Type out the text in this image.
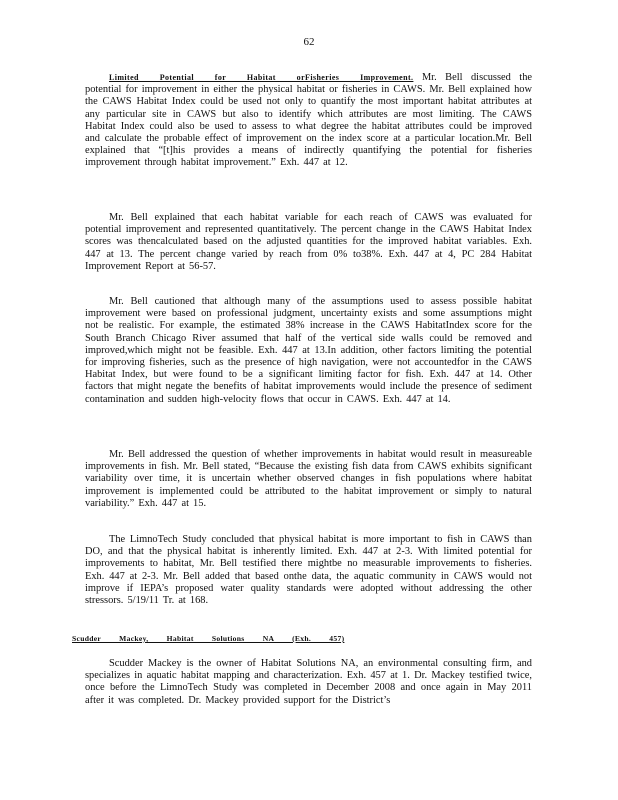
62

Limited Potential for Habitat orFisheries Improvement. Mr. Bell discussed the potential for improvement in either the physical habitat or fisheries in CAWS. Mr. Bell explained how the CAWS Habitat Index could be used not only to quantify the most important habitat attributes at any particular site in CAWS but also to identify which attributes are most limiting. The CAWS Habitat Index could also be used to assess to what degree the habitat attributes could be improved and calculate the probable effect of improvement on the index score at a particular location.Mr. Bell explained that “[t]his provides a means of indirectly quantifying the potential for fisheries improvement through habitat improvement.” Exh. 447 at 12.

Mr. Bell explained that each habitat variable for each reach of CAWS was evaluated for potential improvement and represented quantitatively. The percent change in the CAWS Habitat Index scores was thencalculated based on the adjusted quantities for the improved habitat variables. Exh. 447 at 13. The percent change varied by reach from 0% to38%. Exh. 447 at 4, PC 284 Habitat Improvement Report at 56-57.

Mr. Bell cautioned that although many of the assumptions used to assess possible habitat improvement were based on professional judgment, uncertainty exists and some assumptions might not be realistic. For example, the estimated 38% increase in the CAWS HabitatIndex score for the South Branch Chicago River assumed that half of the vertical side walls could be removed and improved,which might not be feasible. Exh. 447 at 13.In addition, other factors limiting the potential for improving fisheries, such as the presence of high navigation, were not accountedfor in the CAWS Habitat Index, but were found to be a significant limiting factor for fish. Exh. 447 at 14. Other factors that might negate the benefits of habitat improvements would include the presence of sediment contamination and sudden high-velocity flows that occur in CAWS. Exh. 447 at 14.

Mr. Bell addressed the question of whether improvements in habitat would result in measureable improvements in fish. Mr. Bell stated, “Because the existing fish data from CAWS exhibits significant variability over time, it is uncertain whether observed changes in fish populations where habitat improvement is implemented could be attributed to the habitat improvement or simply to natural variability.” Exh. 447 at 15.

The LimnoTech Study concluded that physical habitat is more important to fish in CAWS than DO, and that the physical habitat is inherently limited. Exh. 447 at 2-3. With limited potential for improvements to habitat, Mr. Bell testified there mightbe no measurable improvements to fisheries. Exh. 447 at 2-3. Mr. Bell added that based onthe data, the aquatic community in CAWS would not improve if IEPA’s proposed water quality standards were adopted without addressing the other stressors. 5/19/11 Tr. at 168.

Scudder Mackey, Habitat Solutions NA (Exh. 457)

Scudder Mackey is the owner of Habitat Solutions NA, an environmental consulting firm, and specializes in aquatic habitat mapping and characterization. Exh. 457 at 1. Dr. Mackey testified twice, once before the LimnoTech Study was completed in December 2008 and once again in May 2011 after it was completed. Dr. Mackey provided support for the District’s
